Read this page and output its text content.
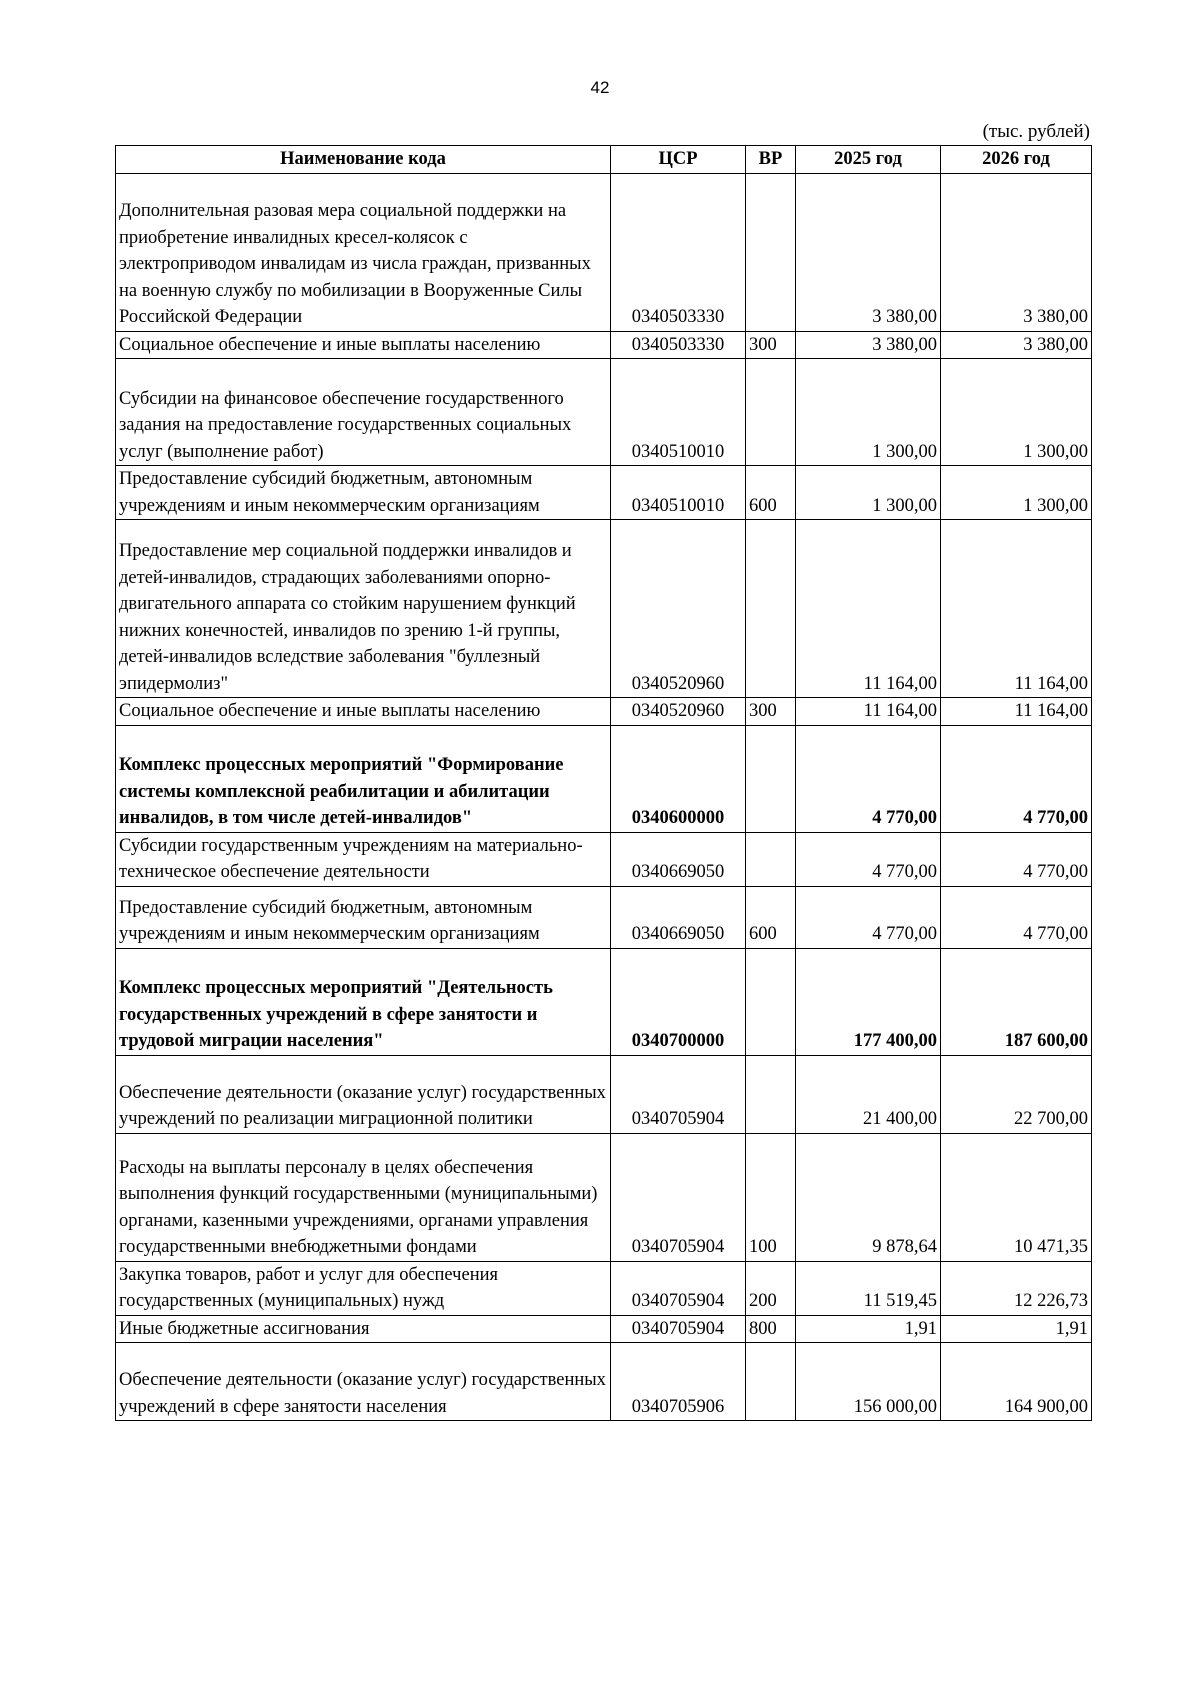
42
(тыс. рублей)
Наименование кода	ЦСР	ВР	2025 год	2026 год
Дополнительная разовая мера социальной поддержки на приобретение инвалидных кресел-колясок с электроприводом инвалидам из числа граждан, призванных на военную службу по мобилизации в Вооруженные Силы Российской Федерации	0340503330		3 380,00	3 380,00
Социальное обеспечение и иные выплаты населению	0340503330	300	3 380,00	3 380,00
Субсидии на финансовое обеспечение государственного задания на предоставление государственных социальных услуг (выполнение работ)	0340510010		1 300,00	1 300,00
Предоставление субсидий бюджетным, автономным учреждениям и иным некоммерческим организациям	0340510010	600	1 300,00	1 300,00
Предоставление мер социальной поддержки инвалидов и детей-инвалидов, страдающих заболеваниями опорно-двигательного аппарата со стойким нарушением функций нижних конечностей, инвалидов по зрению 1-й группы, детей-инвалидов вследствие заболевания "буллезный эпидермолиз"	0340520960		11 164,00	11 164,00
Социальное обеспечение и иные выплаты населению	0340520960	300	11 164,00	11 164,00
Комплекс процессных мероприятий "Формирование системы комплексной реабилитации и абилитации инвалидов, в том числе детей-инвалидов"	0340600000		4 770,00	4 770,00
Субсидии государственным учреждениям на материально-техническое обеспечение деятельности	0340669050		4 770,00	4 770,00
Предоставление субсидий бюджетным, автономным учреждениям и иным некоммерческим организациям	0340669050	600	4 770,00	4 770,00
Комплекс процессных мероприятий "Деятельность государственных учреждений в сфере занятости и трудовой миграции населения"	0340700000		177 400,00	187 600,00
Обеспечение деятельности (оказание услуг) государственных учреждений по реализации миграционной политики	0340705904		21 400,00	22 700,00
Расходы на выплаты персоналу в целях обеспечения выполнения функций государственными (муниципальными) органами, казенными учреждениями, органами управления государственными внебюджетными фондами	0340705904	100	9 878,64	10 471,35
Закупка товаров, работ и услуг для обеспечения государственных (муниципальных) нужд	0340705904	200	11 519,45	12 226,73
Иные бюджетные ассигнования	0340705904	800	1,91	1,91
Обеспечение деятельности (оказание услуг) государственных учреждений в сфере занятости населения	0340705906		156 000,00	164 900,00
